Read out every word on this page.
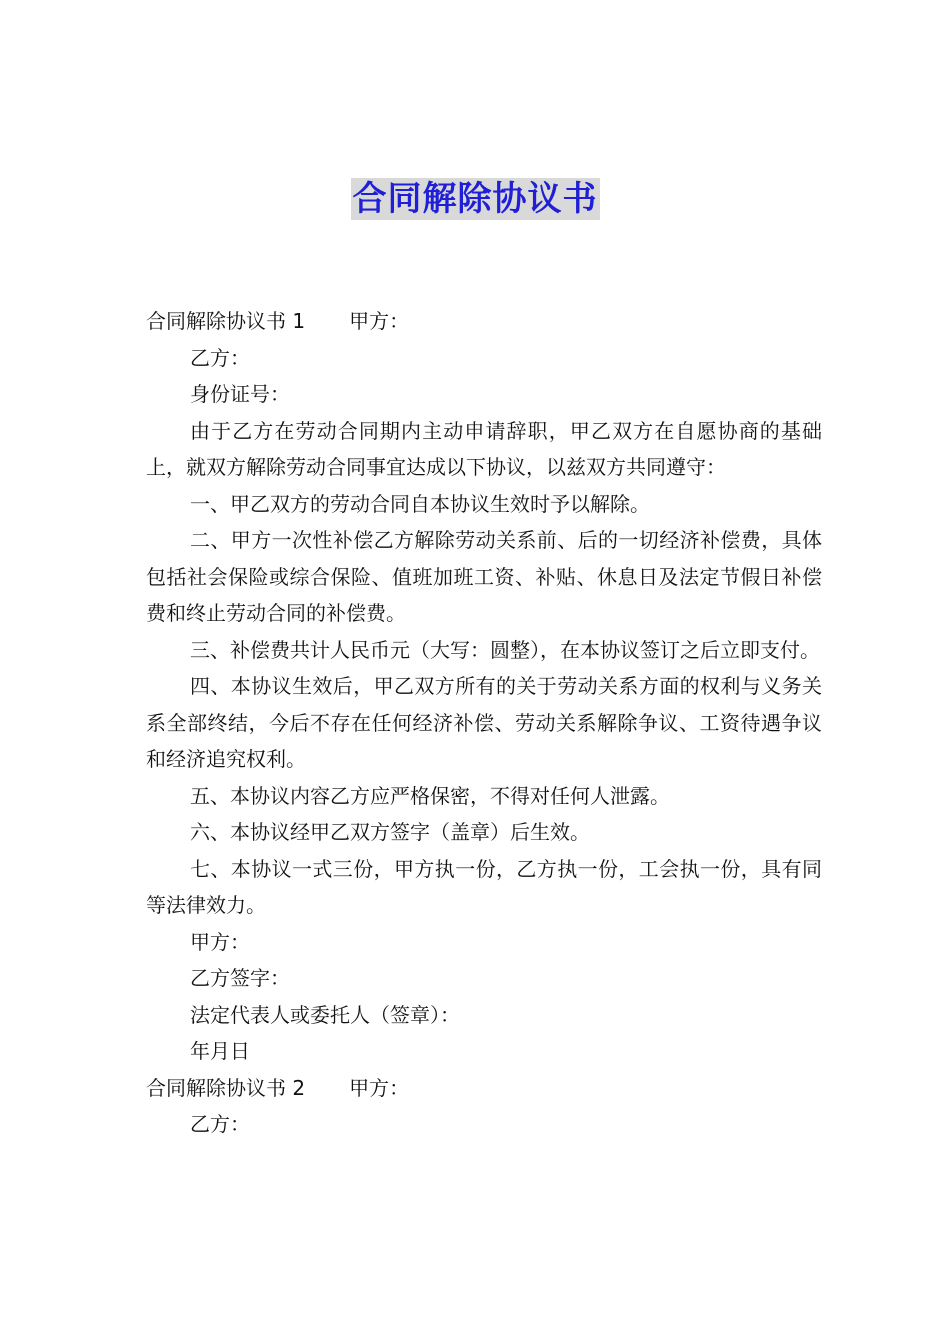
合同解除协议书

合同解除协议书 1 甲方：

乙方：

身份证号：

由于乙方在劳动合同期内主动申请辞职，甲乙双方在自愿协商的基础上，就双方解除劳动合同事宜达成以下协议，以兹双方共同遵守：

一、甲乙双方的劳动合同自本协议生效时予以解除。

二、甲方一次性补偿乙方解除劳动关系前、后的一切经济补偿费，具体包括社会保险或综合保险、值班加班工资、补贴、休息日及法定节假日补偿费和终止劳动合同的补偿费。

三、补偿费共计人民币元（大写：圆整），在本协议签订之后立即支付。

四、本协议生效后，甲乙双方所有的关于劳动关系方面的权利与义务关系全部终结，今后不存在任何经济补偿、劳动关系解除争议、工资待遇争议和经济追究权利。

五、本协议内容乙方应严格保密，不得对任何人泄露。

六、本协议经甲乙双方签字（盖章）后生效。

七、本协议一式三份，甲方执一份，乙方执一份，工会执一份，具有同等法律效力。

甲方：

乙方签字：

法定代表人或委托人（签章）：

年月日

合同解除协议书 2 甲方：

乙方：
